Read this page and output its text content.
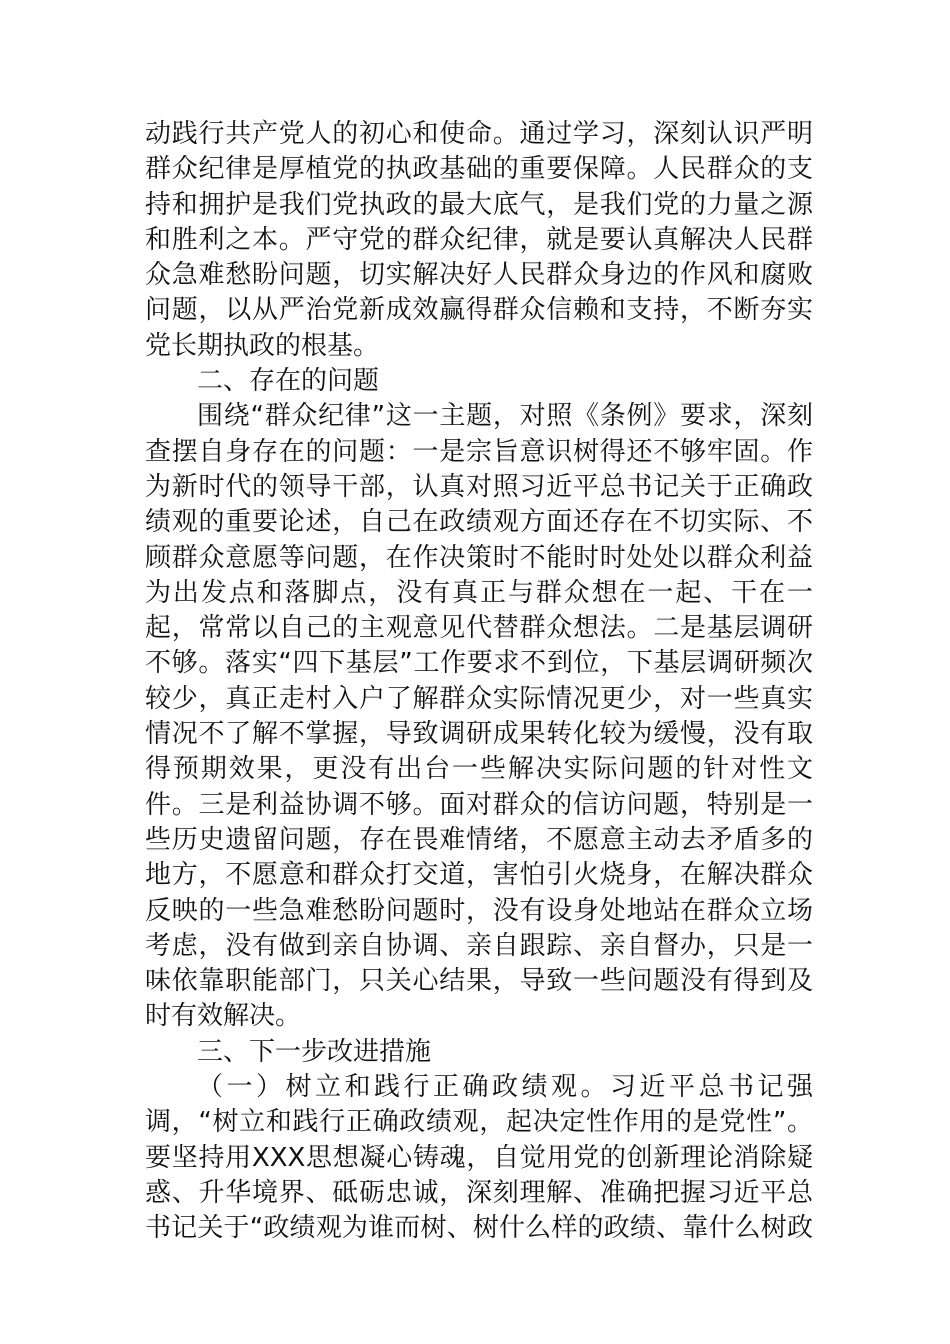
动践行共产党人的初心和使命。通过学习，深刻认识严明群众纪律是厚植党的执政基础的重要保障。人民群众的支持和拥护是我们党执政的最大底气，是我们党的力量之源和胜利之本。严守党的群众纪律，就是要认真解决人民群众急难愁盼问题，切实解决好人民群众身边的作风和腐败问题，以从严治党新成效赢得群众信赖和支持，不断夯实党长期执政的根基。

二、存在的问题

围绕“群众纪律”这一主题，对照《条例》要求，深刻查摆自身存在的问题：一是宗旨意识树得还不够牢固。作为新时代的领导干部，认真对照习近平总书记关于正确政绩观的重要论述，自己在政绩观方面还存在不切实际、不顾群众意愿等问题，在作决策时不能时时处处以群众利益为出发点和落脚点，没有真正与群众想在一起、干在一起，常常以自己的主观意见代替群众想法。二是基层调研不够。落实“四下基层”工作要求不到位，下基层调研频次较少，真正走村入户了解群众实际情况更少，对一些真实情况不了解不掌握，导致调研成果转化较为缓慢，没有取得预期效果，更没有出台一些解决实际问题的针对性文件。三是利益协调不够。面对群众的信访问题，特别是一些历史遗留问题，存在畏难情绪，不愿意主动去矛盾多的地方，不愿意和群众打交道，害怕引火烧身，在解决群众反映的一些急难愁盼问题时，没有设身处地站在群众立场考虑，没有做到亲自协调、亲自跟踪、亲自督办，只是一味依靠职能部门，只关心结果，导致一些问题没有得到及时有效解决。

三、下一步改进措施

（一）树立和践行正确政绩观。习近平总书记强调，“树立和践行正确政绩观，起决定性作用的是党性”。要坚持用XXX思想凝心铸魂，自觉用党的创新理论消除疑惑、升华境界、砥砺忠诚，深刻理解、准确把握习近平总书记关于“政绩观为谁而树、树什么样的政绩、靠什么树政
